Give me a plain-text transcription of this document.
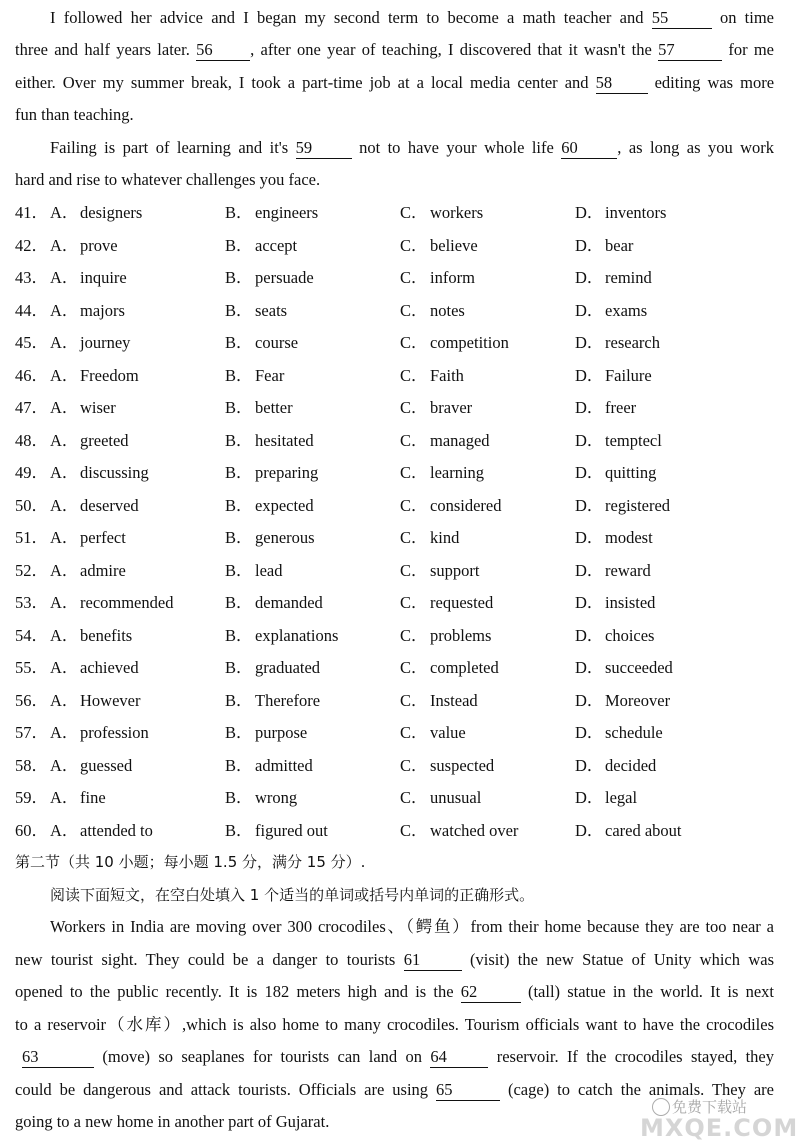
I followed her advice and I began my second term to become a math teacher and 55	on time
three and half years later. 56 , after one year of teaching, I discovered that it wasn't the 57	for me
either. Over my summer break, I took a part-time job at a local media center and 58	editing was more
fun than teaching.
Failing is part of learning and it's 59	not to have your whole life 60 , as long as you work
hard and rise to whatever challenges you face.
41． A．designers	B． engineers	C． workers	D．inventors
42． A．prove	B． accept	C． believe	D．bear
43． A．inquire	B． persuade	C． inform	D．remind
44． A．majors	B． seats	C． notes	D．exams
45． A．journey	B． course	C． competition	D．research
46． A．Freedom	B． Fear	C． Faith	D．Failure
47． A．wiser	B． better	C． braver	D．freer
48． A．greeted	B． hesitated	C． managed	D．temptecl
49． A．discussing	B． preparing	C． learning	D．quitting
50． A．deserved	B． expected	C． considered	D．registered
51． A．perfect	B． generous	C． kind	D．modest
52． A．admire	B． lead	C． support	D．reward
53． A．recommended	B． demanded	C． requested	D．insisted
54． A．benefits	B． explanations	C． problems	D．choices
55． A．achieved	B． graduated	C． completed	D．succeeded
56． A．However	B． Therefore	C． Instead	D．Moreover
57． A．profession	B． purpose	C． value	D．schedule
58． A．guessed	B． admitted	C． suspected	D．decided
59． A．fine	B． wrong	C． unusual	D．legal
60． A．attended to	B． figured out	C． watched over	D．cared about
第二节（共 10 小题；每小题 1.5 分，满分 15 分）.
阅读下面短文，在空白处填入 1 个适当的单词或括号内单词的正确形式。
Workers in India are moving over 300 crocodiles、（鳄鱼）from their home because they are too near a
new tourist sight. They could be a danger to tourists 61	(visit) the new Statue of Unity which was
opened to the public recently. It is 182 meters high and is the 62	(tall) statue in the world. It is next
to a reservoir（水库）,which is also home to many crocodiles. Tourism officials want to have the crocodiles
63	(move) so seaplanes for tourists can land on 64	reservoir. If the crocodiles stayed, they
could be dangerous and attack tourists. Officials are using 65	(cage) to catch the animals. They are
going to a new home in another part of Gujarat.
免费下载站
MXQE.COM
